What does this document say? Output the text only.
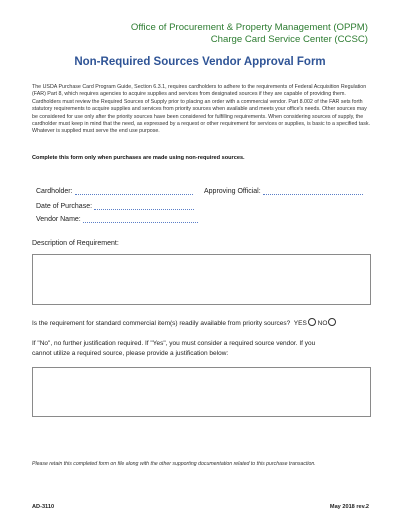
Office of Procurement & Property Management (OPPM)
Charge Card Service Center (CCSC)
Non-Required Sources Vendor Approval Form
The USDA Purchase Card Program Guide, Section 6.3.1, requires cardholders to adhere to the requirements of Federal Acquisition Regulation (FAR) Part 8, which requires agencies to acquire supplies and services from designated sources if they are capable of providing them. Cardholders must review the Required Sources of Supply prior to placing an order with a commercial vendor. Part 8.002 of the FAR sets forth statutory requirements to acquire supplies and services from priority sources when available and meets your office's needs. Other sources may be considered for use only after the priority sources have been considered for fulfilling requirements. When considering sources of supply, the cardholder must keep in mind that the need, as expressed by a request or other requirement for services or supplies, is basic to a specified task. Whatever is supplied must serve the end use purpose.
Complete this form only when purchases are made using non-required sources.
Cardholder:	Approving Official:
Date of Purchase:
Vendor Name:
Description of Requirement:
Is the requirement for standard commercial item(s) readily available from priority sources? YES NO
If "No", no further justification required. If "Yes", you must consider a required source vendor. If you
cannot utilize a required source, please provide a justification below:
Please retain this completed form on file along with the other supporting documentation related to this purchase transaction.
AD-3110	May 2018 rev.2
